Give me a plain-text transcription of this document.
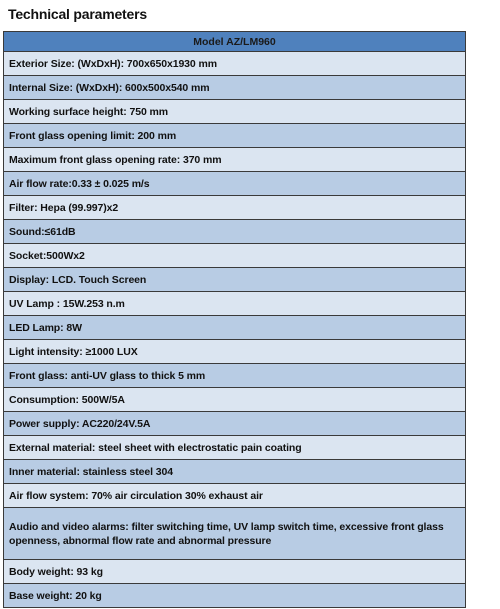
Technical parameters
Model AZ/LM960
Exterior Size: (WxDxH): 700x650x1930 mm
Internal Size: (WxDxH): 600x500x540 mm
Working surface height: 750 mm
Front glass opening limit: 200 mm
Maximum front glass opening rate: 370 mm
Air flow rate:0.33 ± 0.025 m/s
Filter: Hepa (99.997)x2
Sound:≤61dB
Socket:500Wx2
Display: LCD. Touch Screen
UV Lamp : 15W.253 n.m
LED Lamp: 8W
Light intensity: ≥1000 LUX
Front glass: anti-UV glass to thick 5 mm
Consumption: 500W/5A
Power supply: AC220/24V.5A
External material: steel sheet with electrostatic pain coating
Inner material: stainless steel 304
Air flow system: 70% air circulation 30% exhaust air
Audio and video alarms: filter switching time, UV lamp switch time, excessive front glass openness, abnormal flow rate and abnormal pressure
Body weight: 93 kg
Base weight: 20 kg
